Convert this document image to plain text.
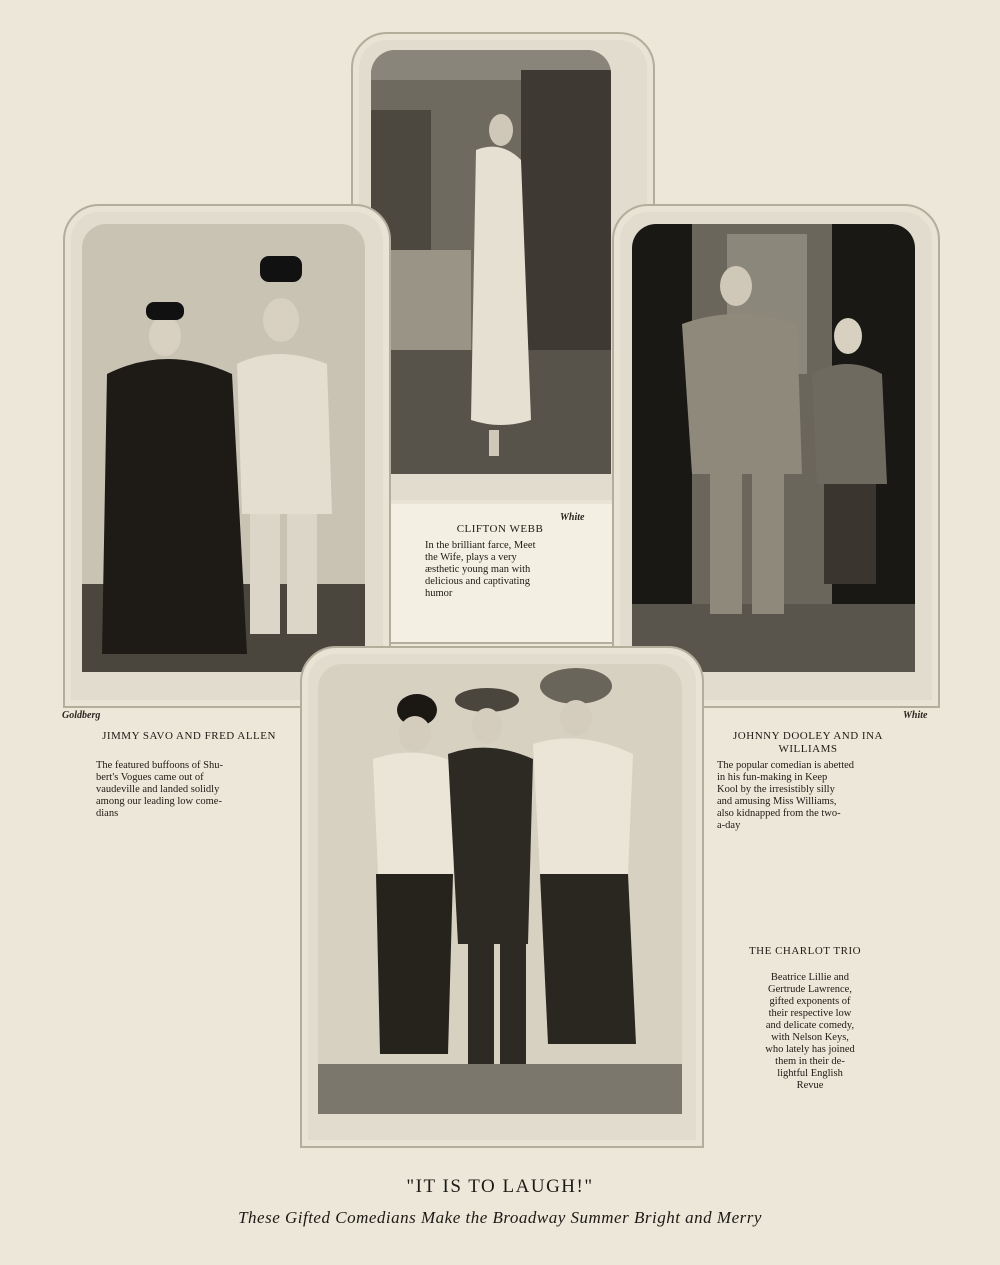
White
CLIFTON WEBB
In the brilliant farce, Meet
the Wife, plays a very
æsthetic young man with
delicious and captivating
humor
Goldberg
JIMMY SAVO AND FRED ALLEN
The featured buffoons of Shu-
bert's Vogues came out of
vaudeville and landed solidly
among our leading low come-
dians
White
JOHNNY DOOLEY AND INA WILLIAMS
The popular comedian is abetted
in his fun-making in Keep
Kool by the irresistibly silly
and amusing Miss Williams,
also kidnapped from the two-
a-day
THE CHARLOT TRIO
Beatrice Lillie and
Gertrude Lawrence,
gifted exponents of
their respective low
and delicate comedy,
with Nelson Keys,
who lately has joined
them in their de-
lightful English
Revue
"IT IS TO LAUGH!"
These Gifted Comedians Make the Broadway Summer Bright and Merry
